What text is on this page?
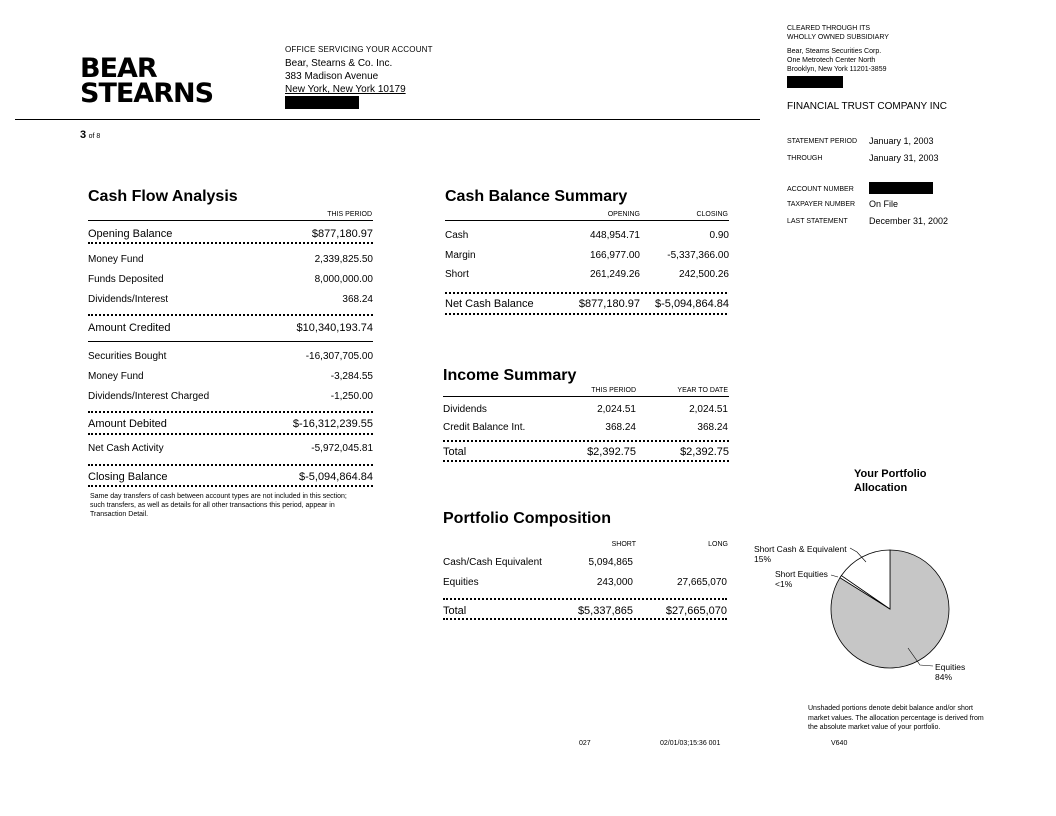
BEAR
STEARNS
OFFICE SERVICING YOUR ACCOUNT
Bear, Stearns & Co. Inc.
383 Madison Avenue
New York, New York 10179
3 of 8
CLEARED THROUGH ITS
WHOLLY OWNED SUBSIDIARY
Bear, Stearns Securities Corp.
One Metrotech Center North
Brooklyn, New York 11201-3859
FINANCIAL TRUST COMPANY INC
STATEMENT PERIOD January 1, 2003
THROUGH	January 31, 2003
ACCOUNT NUMBER
TAXPAYER NUMBER On File
LAST STATEMENT December 31, 2002
Cash Flow Analysis
THIS PERIOD
Opening Balance	$877,180.97
Money Fund	2,339,825.50
Funds Deposited	8,000,000.00
Dividends/Interest	368.24
Amount Credited	$10,340,193.74
Securities Bought	-16,307,705.00
Money Fund	-3,284.55
Dividends/Interest Charged	-1,250.00
Amount Debited	$-16,312,239.55
Net Cash Activity	-5,972,045.81
Closing Balance	$-5,094,864.84
Same day transfers of cash between account types are not included in this section; such transfers, as well as details for all other transactions this period, appear in Transaction Detail.
Cash Balance Summary
OPENING	CLOSING
Cash	448,954.71	0.90
Margin	166,977.00	-5,337,366.00
Short	261,249.26	242,500.26
Net Cash Balance	$877,180.97 $-5,094,864.84
Income Summary
THIS PERIOD	YEAR TO DATE
Dividends	2,024.51	2,024.51
Credit Balance Int.	368.24	368.24
Total	$2,392.75	$2,392.75
Portfolio Composition
SHORT	LONG
Cash/Cash Equivalent	5,094,865
Equities	243,000	27,665,070
Total	$5,337,865	$27,665,070
Your Portfolio
Allocation
Short Cash & Equivalent
15%
Short Equities
<1%
Equities
84%
Unshaded portions denote debit balance and/or short market values. The allocation percentage is derived from the absolute market value of your portfolio.
027	02/01/03;15:36 001	V640
